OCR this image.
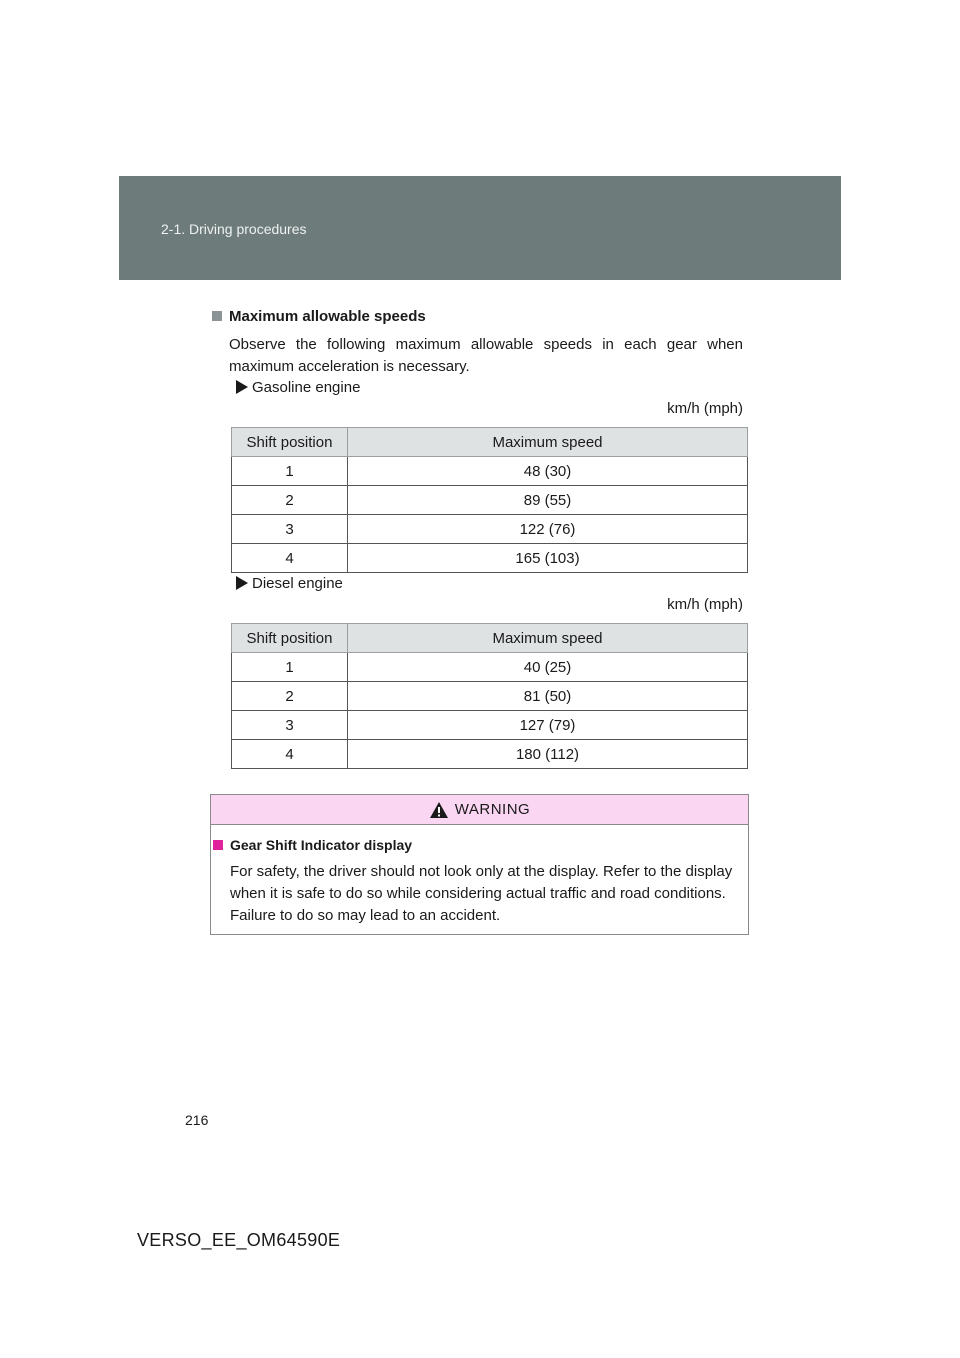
2-1. Driving procedures
Maximum allowable speeds
Observe the following maximum allowable speeds in each gear when maximum acceleration is necessary.
Gasoline engine
km/h (mph)
Shift position	Maximum speed
1	48 (30)
2	89 (55)
3	122 (76)
4	165 (103)
Diesel engine
km/h (mph)
Shift position	Maximum speed
1	40 (25)
2	81 (50)
3	127 (79)
4	180 (112)
WARNING
Gear Shift Indicator display
For safety, the driver should not look only at the display. Refer to the display when it is safe to do so while considering actual traffic and road conditions. Failure to do so may lead to an accident.
216
VERSO_EE_OM64590E
